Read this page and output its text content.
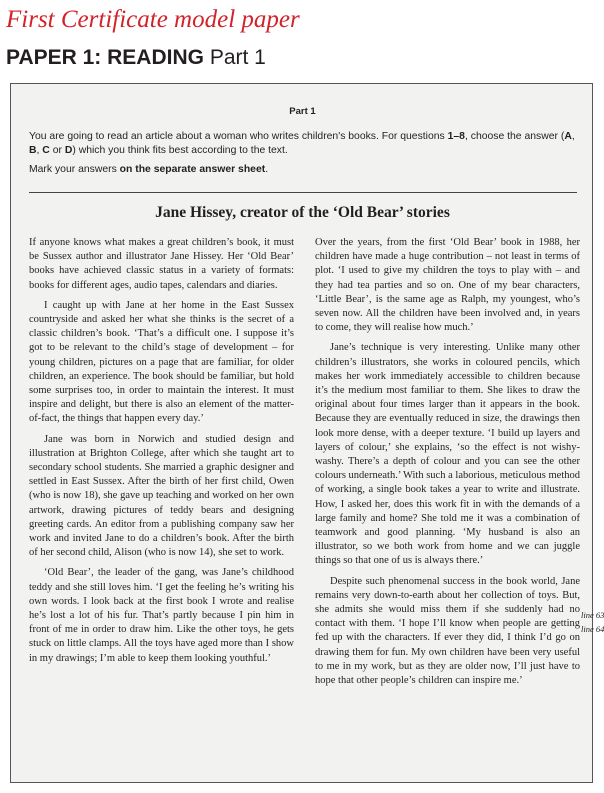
First Certificate model paper
PAPER 1: READING Part 1
Part 1

You are going to read an article about a woman who writes children's books. For questions 1–8, choose the answer (A, B, C or D) which you think fits best according to the text.

Mark your answers on the separate answer sheet.

Jane Hissey, creator of the ‘Old Bear’ stories

If anyone knows what makes a great children’s book, it must be Sussex author and illustrator Jane Hissey. Her ‘Old Bear’ books have achieved classic status in a variety of formats: books for different ages, audio tapes, calendars and diaries.

I caught up with Jane at her home in the East Sussex countryside and asked her what she thinks is the secret of a classic children’s book. ‘That’s a difficult one. I suppose it’s got to be relevant to the child’s stage of development – for young children, pictures on a page that are familiar, for older children, an experience. The book should be familiar, but hold some surprises too, in order to maintain the interest. It must inspire and delight, but there is also an element of the matter-of-fact, the things that happen every day.’

Jane was born in Norwich and studied design and illustration at Brighton College, after which she taught art to secondary school students. She married a graphic designer and settled in East Sussex. After the birth of her first child, Owen (who is now 18), she gave up teaching and worked on her own artwork, drawing pictures of teddy bears and designing greeting cards. An editor from a publishing company saw her work and invited Jane to do a children’s book. After the birth of her second child, Alison (who is now 14), she set to work.

‘Old Bear’, the leader of the gang, was Jane’s childhood teddy and she still loves him. ‘I get the feeling he’s writing his own words. I look back at the first book I wrote and realise he’s lost a lot of his fur. That’s partly because I pin him in front of me in order to draw him. Like the other toys, he gets stuck on little clamps. All the toys have aged more than I show in my drawings; I’m able to keep them looking youthful.’

Over the years, from the first ‘Old Bear’ book in 1988, her children have made a huge contribution – not least in terms of plot. ‘I used to give my children the toys to play with – and they had tea parties and so on. One of my bear characters, ‘Little Bear’, is the same age as Ralph, my youngest, who’s seven now. All the children have been involved and, in years to come, they will realise how much.’

Jane’s technique is very interesting. Unlike many other children’s illustrators, she works in coloured pencils, which makes her work immediately accessible to children because it’s the medium most familiar to them. She likes to draw the original about four times larger than it appears in the book. Because they are eventually reduced in size, the drawings then look more dense, with a deeper texture. ‘I build up layers and layers of colour,’ she explains, ‘so the effect is not wishy-washy. There’s a depth of colour and you can see the other colours underneath.’ With such a laborious, meticulous method of working, a single book takes a year to write and illustrate. How, I asked her, does this work fit in with the demands of a large family and home? She told me it was a combination of teamwork and good planning. ‘My husband is also an illustrator, so we both work from home and we can juggle things so that one of us is always there.’

Despite such phenomenal success in the book world, Jane remains very down-to-earth about her collection of toys. But, she admits she would miss them if she suddenly had no contact with them. ‘I hope I’ll know when people are getting fed up with the characters. If ever they did, I think I’d go on drawing them for fun. My own children have been very useful to me in my work, but as they are older now, I’ll just have to hope that other people’s children can inspire me.’

line 63
line 64
